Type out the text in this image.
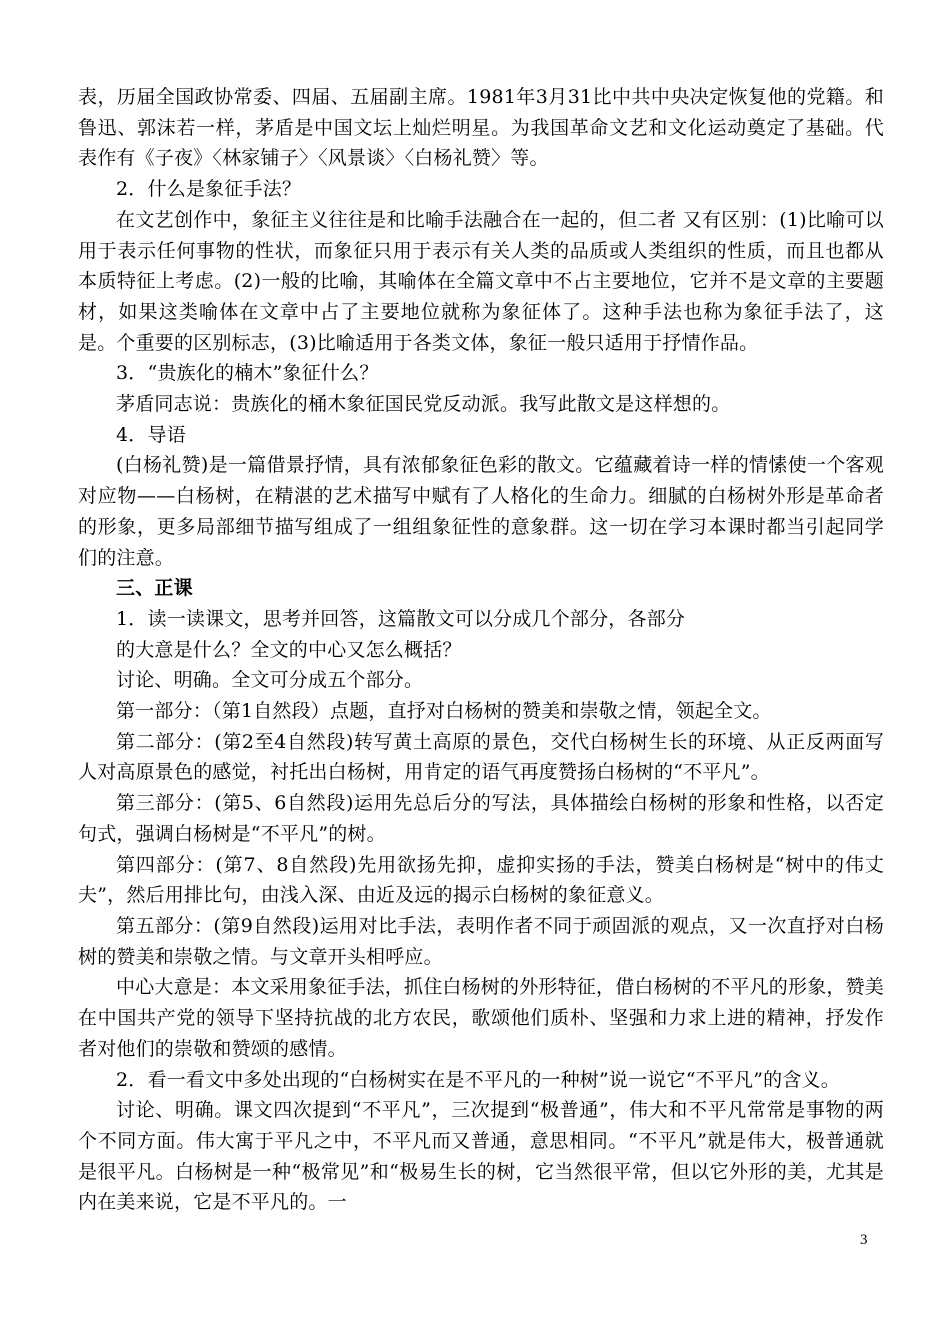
表，历届全国政协常委、四届、五届副主席。1981年3月31比中共中央决定恢复他的党籍。和鲁迅、郭沫若一样，茅盾是中国文坛上灿烂明星。为我国革命文艺和文化运动奠定了基础。代表作有《子夜》〈林家铺子〉〈风景谈〉〈白杨礼赞〉等。

2．什么是象征手法？

在文艺创作中，象征主义往往是和比喻手法融合在一起的，但二者 又有区别：(1)比喻可以用于表示任何事物的性状，而象征只用于表示有关人类的品质或人类组织的性质，而且也都从本质特征上考虑。(2)一般的比喻，其喻体在全篇文章中不占主要地位，它并不是文章的主要题材，如果这类喻体在文章中占了主要地位就称为象征体了。这种手法也称为象征手法了，这是。个重要的区别标志，(3)比喻适用于各类文体，象征一般只适用于抒情作品。

3．“贵族化的楠木”象征什么？

茅盾同志说：贵族化的桶木象征国民党反动派。我写此散文是这样想的。

4．导语

(白杨礼赞)是一篇借景抒情，具有浓郁象征色彩的散文。它蕴藏着诗一样的情愫使一个客观对应物——白杨树，在精湛的艺术描写中赋有了人格化的生命力。细腻的白杨树外形是革命者的形象，更多局部细节描写组成了一组组象征性的意象群。这一切在学习本课时都当引起同学们的注意。

三、正课

1．读一读课文，思考并回答，这篇散文可以分成几个部分，各部分

的大意是什么？全文的中心又怎么概括？

讨论、明确。全文可分成五个部分。

第一部分：（第1自然段）点题，直抒对白杨树的赞美和崇敬之情，领起全文。

第二部分：(第2至4自然段)转写黄土高原的景色，交代白杨树生长的环境、从正反两面写人对高原景色的感觉，衬托出白杨树，用肯定的语气再度赞扬白杨树的“不平凡”。

第三部分：(第5、6自然段)运用先总后分的写法，具体描绘白杨树的形象和性格，以否定句式，强调白杨树是“不平凡”的树。

第四部分：(第7、8自然段)先用欲扬先抑，虚抑实扬的手法，赞美白杨树是“树中的伟丈夫”，然后用排比句，由浅入深、由近及远的揭示白杨树的象征意义。

第五部分：(第9自然段)运用对比手法，表明作者不同于顽固派的观点，又一次直抒对白杨树的赞美和崇敬之情。与文章开头相呼应。

中心大意是：本文采用象征手法，抓住白杨树的外形特征，借白杨树的不平凡的形象，赞美在中国共产党的领导下坚持抗战的北方农民，歌颂他们质朴、坚强和力求上进的精神，抒发作者对他们的崇敬和赞颂的感情。

2．看一看文中多处出现的“白杨树实在是不平凡的一种树”说一说它“不平凡”的含义。

讨论、明确。课文四次提到“不平凡”，三次提到“极普通”，伟大和不平凡常常是事物的两个不同方面。伟大寓于平凡之中，不平凡而又普通，意思相同。“不平凡”就是伟大，极普通就是很平凡。白杨树是一种“极常见”和“极易生长的树，它当然很平常，但以它外形的美，尤其是内在美来说，它是不平凡的。一

3
